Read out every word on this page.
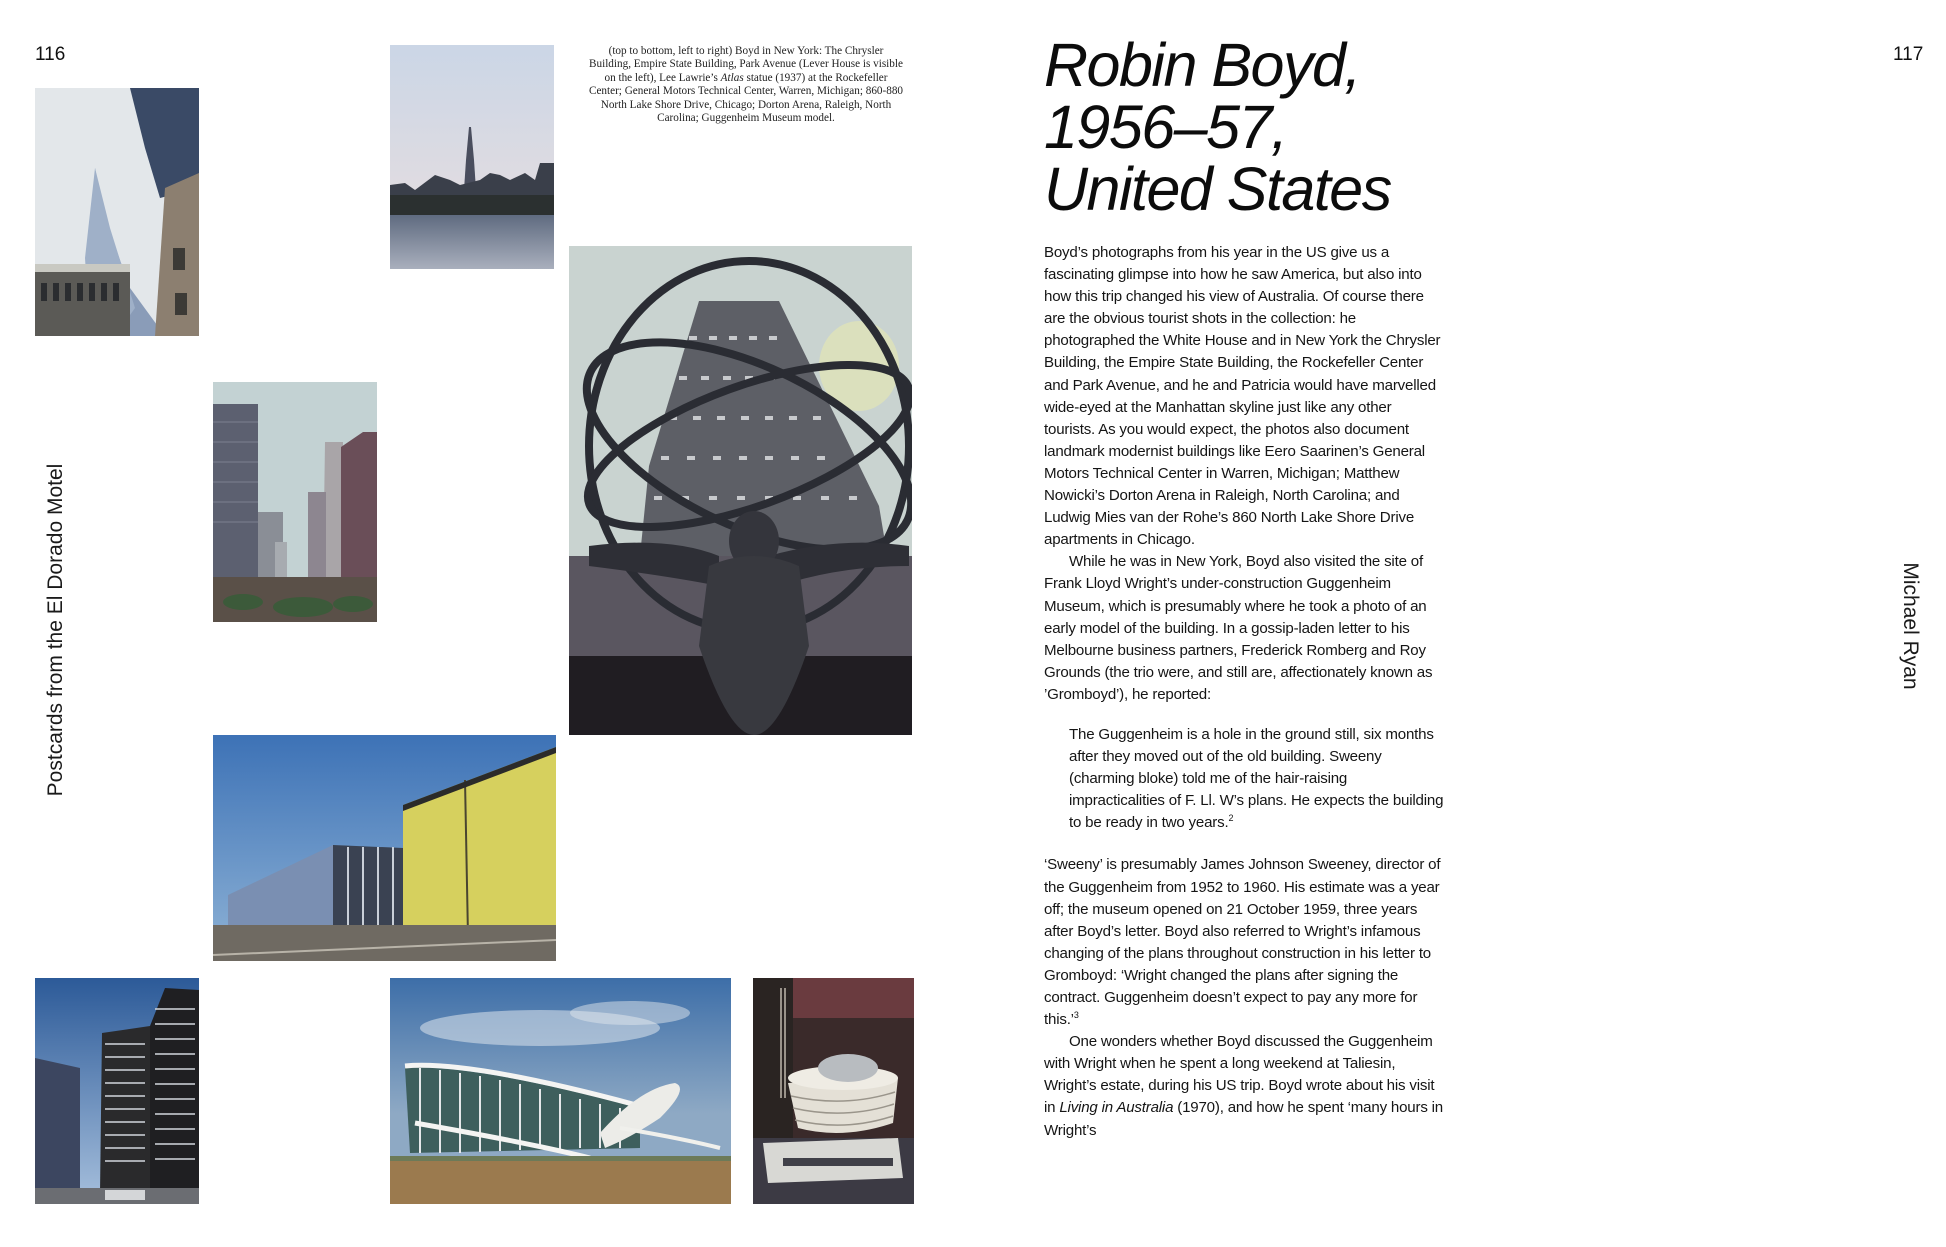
116
Postcards from the El Dorado Motel
(top to bottom, left to right) Boyd in New York: The Chrysler Building, Empire State Building, Park Avenue (Lever House is visible on the left), Lee Lawrie’s Atlas statue (1937) at the Rockefeller Center; General Motors Technical Center, Warren, Michigan; 860-880 North Lake Shore Drive, Chicago; Dorton Arena, Raleigh, North Carolina; Guggenheim Museum model.
117
Michael Ryan
Robin Boyd,
1956–57,
United States

Boyd’s photographs from his year in the US give us a fascinating glimpse into how he saw America, but also into how this trip changed his view of Australia. Of course there are the obvious tourist shots in the collection: he photographed the White House and in New York the Chrysler Building, the Empire State Building, the Rockefeller Center and Park Avenue, and he and Patricia would have marvelled wide-eyed at the Manhattan skyline just like any other tourists. As you would expect, the photos also document landmark modernist buildings like Eero Saarinen’s General Motors Technical Center in Warren, Michigan; Matthew Nowicki’s Dorton Arena in Raleigh, North Carolina; and Ludwig Mies van der Rohe’s 860 North Lake Shore Drive apartments in Chicago.

While he was in New York, Boyd also visited the site of Frank Lloyd Wright’s under-construction Guggenheim Museum, which is presumably where he took a photo of an early model of the building. In a gossip-laden letter to his Melbourne business partners, Frederick Romberg and Roy Grounds (the trio were, and still are, affectionately known as ’Gromboyd’), he reported:

The Guggenheim is a hole in the ground still, six months after they moved out of the old building. Sweeny (charming bloke) told me of the hair-raising impracticalities of F. Ll. W’s plans. He expects the building to be ready in two years.$^2$

‘Sweeny’ is presumably James Johnson Sweeney, director of the Guggenheim from 1952 to 1960. His estimate was a year off; the museum opened on 21 October 1959, three years after Boyd’s letter. Boyd also referred to Wright’s infamous changing of the plans throughout construction in his letter to Gromboyd: ‘Wright changed the plans after signing the contract. Guggenheim doesn’t expect to pay any more for this.’$^3$

One wonders whether Boyd discussed the Guggenheim with Wright when he spent a long weekend at Taliesin, Wright’s estate, during his US trip. Boyd wrote about his visit in Living in Australia (1970), and how he spent ‘many hours in Wright’s
